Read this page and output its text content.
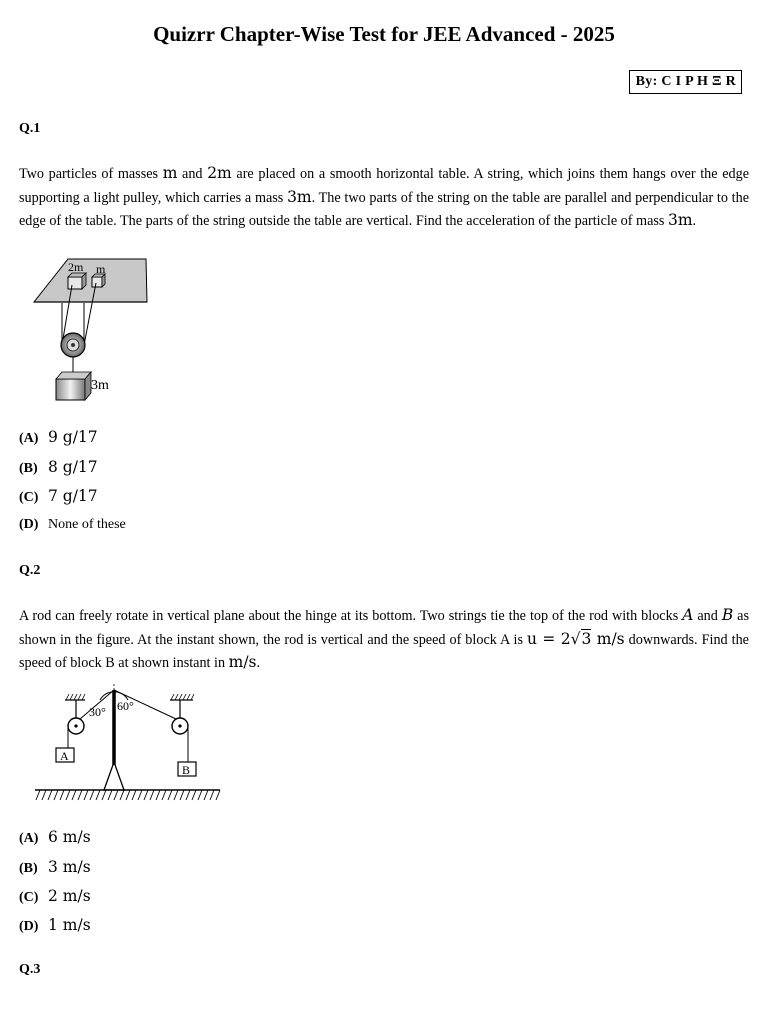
Quizrr Chapter-Wise Test for JEE Advanced - 2025
By: C I P H Ξ R
Q.1
Two particles of masses m and 2m are placed on a smooth horizontal table. A string, which joins them hangs over the edge supporting a light pulley, which carries a mass 3m. The two parts of the string on the table are parallel and perpendicular to the edge of the table. The parts of the string outside the table are vertical. Find the acceleration of the particle of mass 3m.
2m m
3m
(A) 9 g/17
(B) 8 g/17
(C) 7 g/17
(D) None of these
Q.2
A rod can freely rotate in vertical plane about the hinge at its bottom. Two strings tie the top of the rod with blocks A and B as shown in the figure. At the instant shown, the rod is vertical and the speed of block A is u = 2√3 m/s downwards. Find the speed of block B at shown instant in m/s.
30° 60°
A
B
(A) 6 m/s
(B) 3 m/s
(C) 2 m/s
(D) 1 m/s
Q.3
